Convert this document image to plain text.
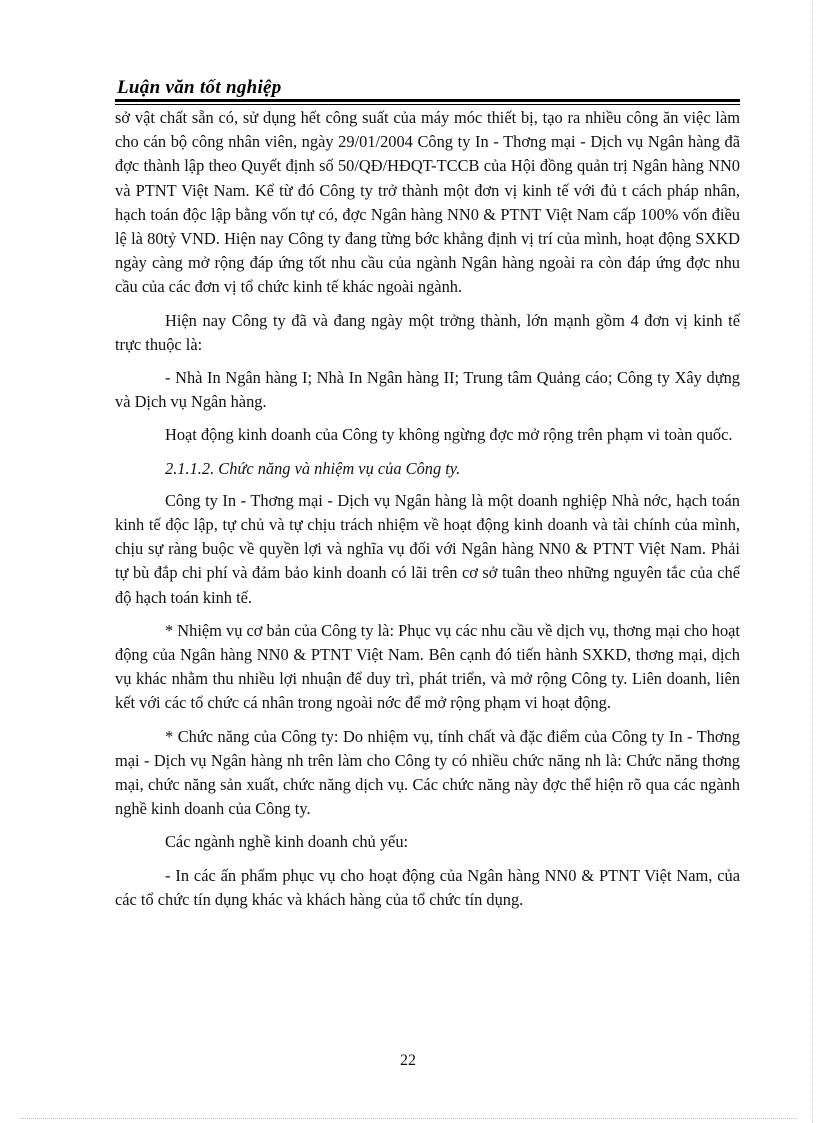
Luận văn tốt nghiệp

sở vật chất sẵn có, sử dụng hết công suất của máy móc thiết bị, tạo ra nhiều công ăn việc làm cho cán bộ công nhân viên, ngày 29/01/2004 Công ty In - Thơng mại - Dịch vụ Ngân hàng đã đợc thành lập theo Quyết định số 50/QĐ/HĐQT-TCCB của Hội đồng quản trị Ngân hàng NN0 và PTNT Việt Nam. Kể từ đó Công ty trở thành một đơn vị kinh tế với đủ t cách pháp nhân, hạch toán độc lập bằng vốn tự có, đợc Ngân hàng NN0 & PTNT Việt Nam cấp 100% vốn điều lệ là 80tỷ VND. Hiện nay Công ty đang từng bớc khẳng định vị trí của mình, hoạt động SXKD ngày càng mở rộng đáp ứng tốt nhu cầu của ngành Ngân hàng ngoài ra còn đáp ứng đợc nhu cầu của các đơn vị tổ chức kinh tế khác ngoài ngành.

Hiện nay Công ty đã và đang ngày một trởng thành, lớn mạnh gồm 4 đơn vị kinh tế trực thuộc là:

- Nhà In Ngân hàng I; Nhà In Ngân hàng II; Trung tâm Quảng cáo; Công ty Xây dựng và Dịch vụ Ngân hàng.

Hoạt động kinh doanh của Công ty không ngừng đợc mở rộng trên phạm vi toàn quốc.

2.1.1.2. Chức năng và nhiệm vụ của Công ty.

Công ty In - Thơng mại - Dịch vụ Ngân hàng là một doanh nghiệp Nhà nớc, hạch toán kinh tế độc lập, tự chủ và tự chịu trách nhiệm về hoạt động kinh doanh và tài chính của mình, chịu sự ràng buộc về quyền lợi và nghĩa vụ đối với Ngân hàng NN0 & PTNT Việt Nam. Phải tự bù đắp chi phí và đảm bảo kinh doanh có lãi trên cơ sở tuân theo những nguyên tắc của chế độ hạch toán kinh tế.

* Nhiệm vụ cơ bản của Công ty là: Phục vụ các nhu cầu về dịch vụ, thơng mại cho hoạt động của Ngân hàng NN0 & PTNT Việt Nam. Bên cạnh đó tiến hành SXKD, thơng mại, dịch vụ khác nhằm thu nhiều lợi nhuận để duy trì, phát triển, và mở rộng Công ty. Liên doanh, liên kết với các tổ chức cá nhân trong ngoài nớc để mở rộng phạm vi hoạt động.

* Chức năng của Công ty: Do nhiệm vụ, tính chất và đặc điểm của Công ty In - Thơng mại - Dịch vụ Ngân hàng nh trên làm cho Công ty có nhiều chức năng nh là: Chức năng thơng mại, chức năng sản xuất, chức năng dịch vụ. Các chức năng này đợc thể hiện rõ qua các ngành nghề kinh doanh của Công ty.

Các ngành nghề kinh doanh chủ yếu:

- In các ấn phẩm phục vụ cho hoạt động của Ngân hàng NN0 & PTNT Việt Nam, của các tổ chức tín dụng khác và khách hàng của tổ chức tín dụng.

22
